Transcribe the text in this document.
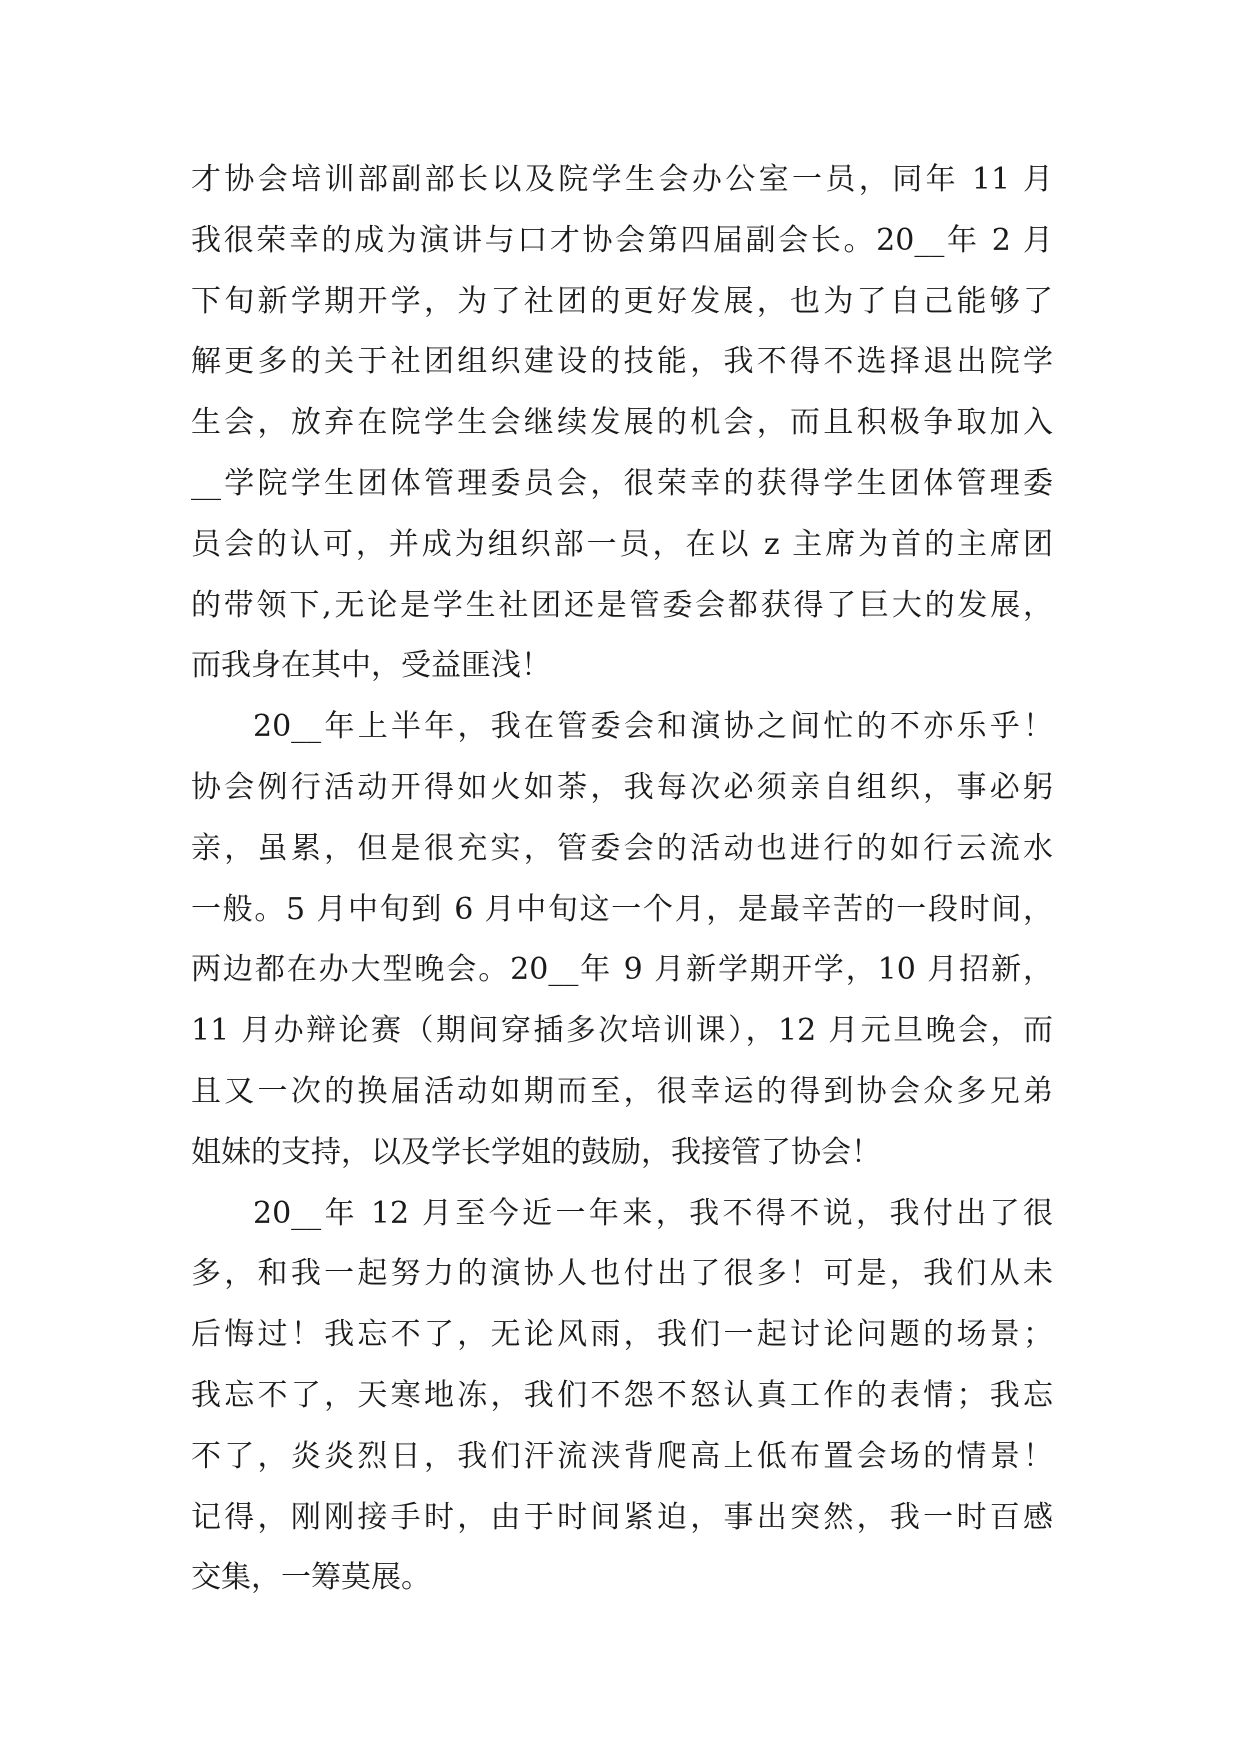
才协会培训部副部长以及院学生会办公室一员，同年 11 月
我很荣幸的成为演讲与口才协会第四届副会长。20__年 2 月
下旬新学期开学，为了社团的更好发展，也为了自己能够了
解更多的关于社团组织建设的技能，我不得不选择退出院学
生会，放弃在院学生会继续发展的机会，而且积极争取加入
__学院学生团体管理委员会，很荣幸的获得学生团体管理委
员会的认可，并成为组织部一员，在以 z 主席为首的主席团
的带领下,无论是学生社团还是管委会都获得了巨大的发展，
而我身在其中，受益匪浅！
20__年上半年，我在管委会和演协之间忙的不亦乐乎！
协会例行活动开得如火如荼，我每次必须亲自组织，事必躬
亲，虽累，但是很充实，管委会的活动也进行的如行云流水
一般。5 月中旬到 6 月中旬这一个月，是最辛苦的一段时间，
两边都在办大型晚会。20__年 9 月新学期开学，10 月招新，
11 月办辩论赛（期间穿插多次培训课），12 月元旦晚会，而
且又一次的换届活动如期而至，很幸运的得到协会众多兄弟
姐妹的支持，以及学长学姐的鼓励，我接管了协会！
20__年 12 月至今近一年来，我不得不说，我付出了很
多，和我一起努力的演协人也付出了很多！可是，我们从未
后悔过！我忘不了，无论风雨，我们一起讨论问题的场景；
我忘不了，天寒地冻，我们不怨不怒认真工作的表情；我忘
不了，炎炎烈日，我们汗流浃背爬高上低布置会场的情景！
记得，刚刚接手时，由于时间紧迫，事出突然，我一时百感
交集，一筹莫展。
